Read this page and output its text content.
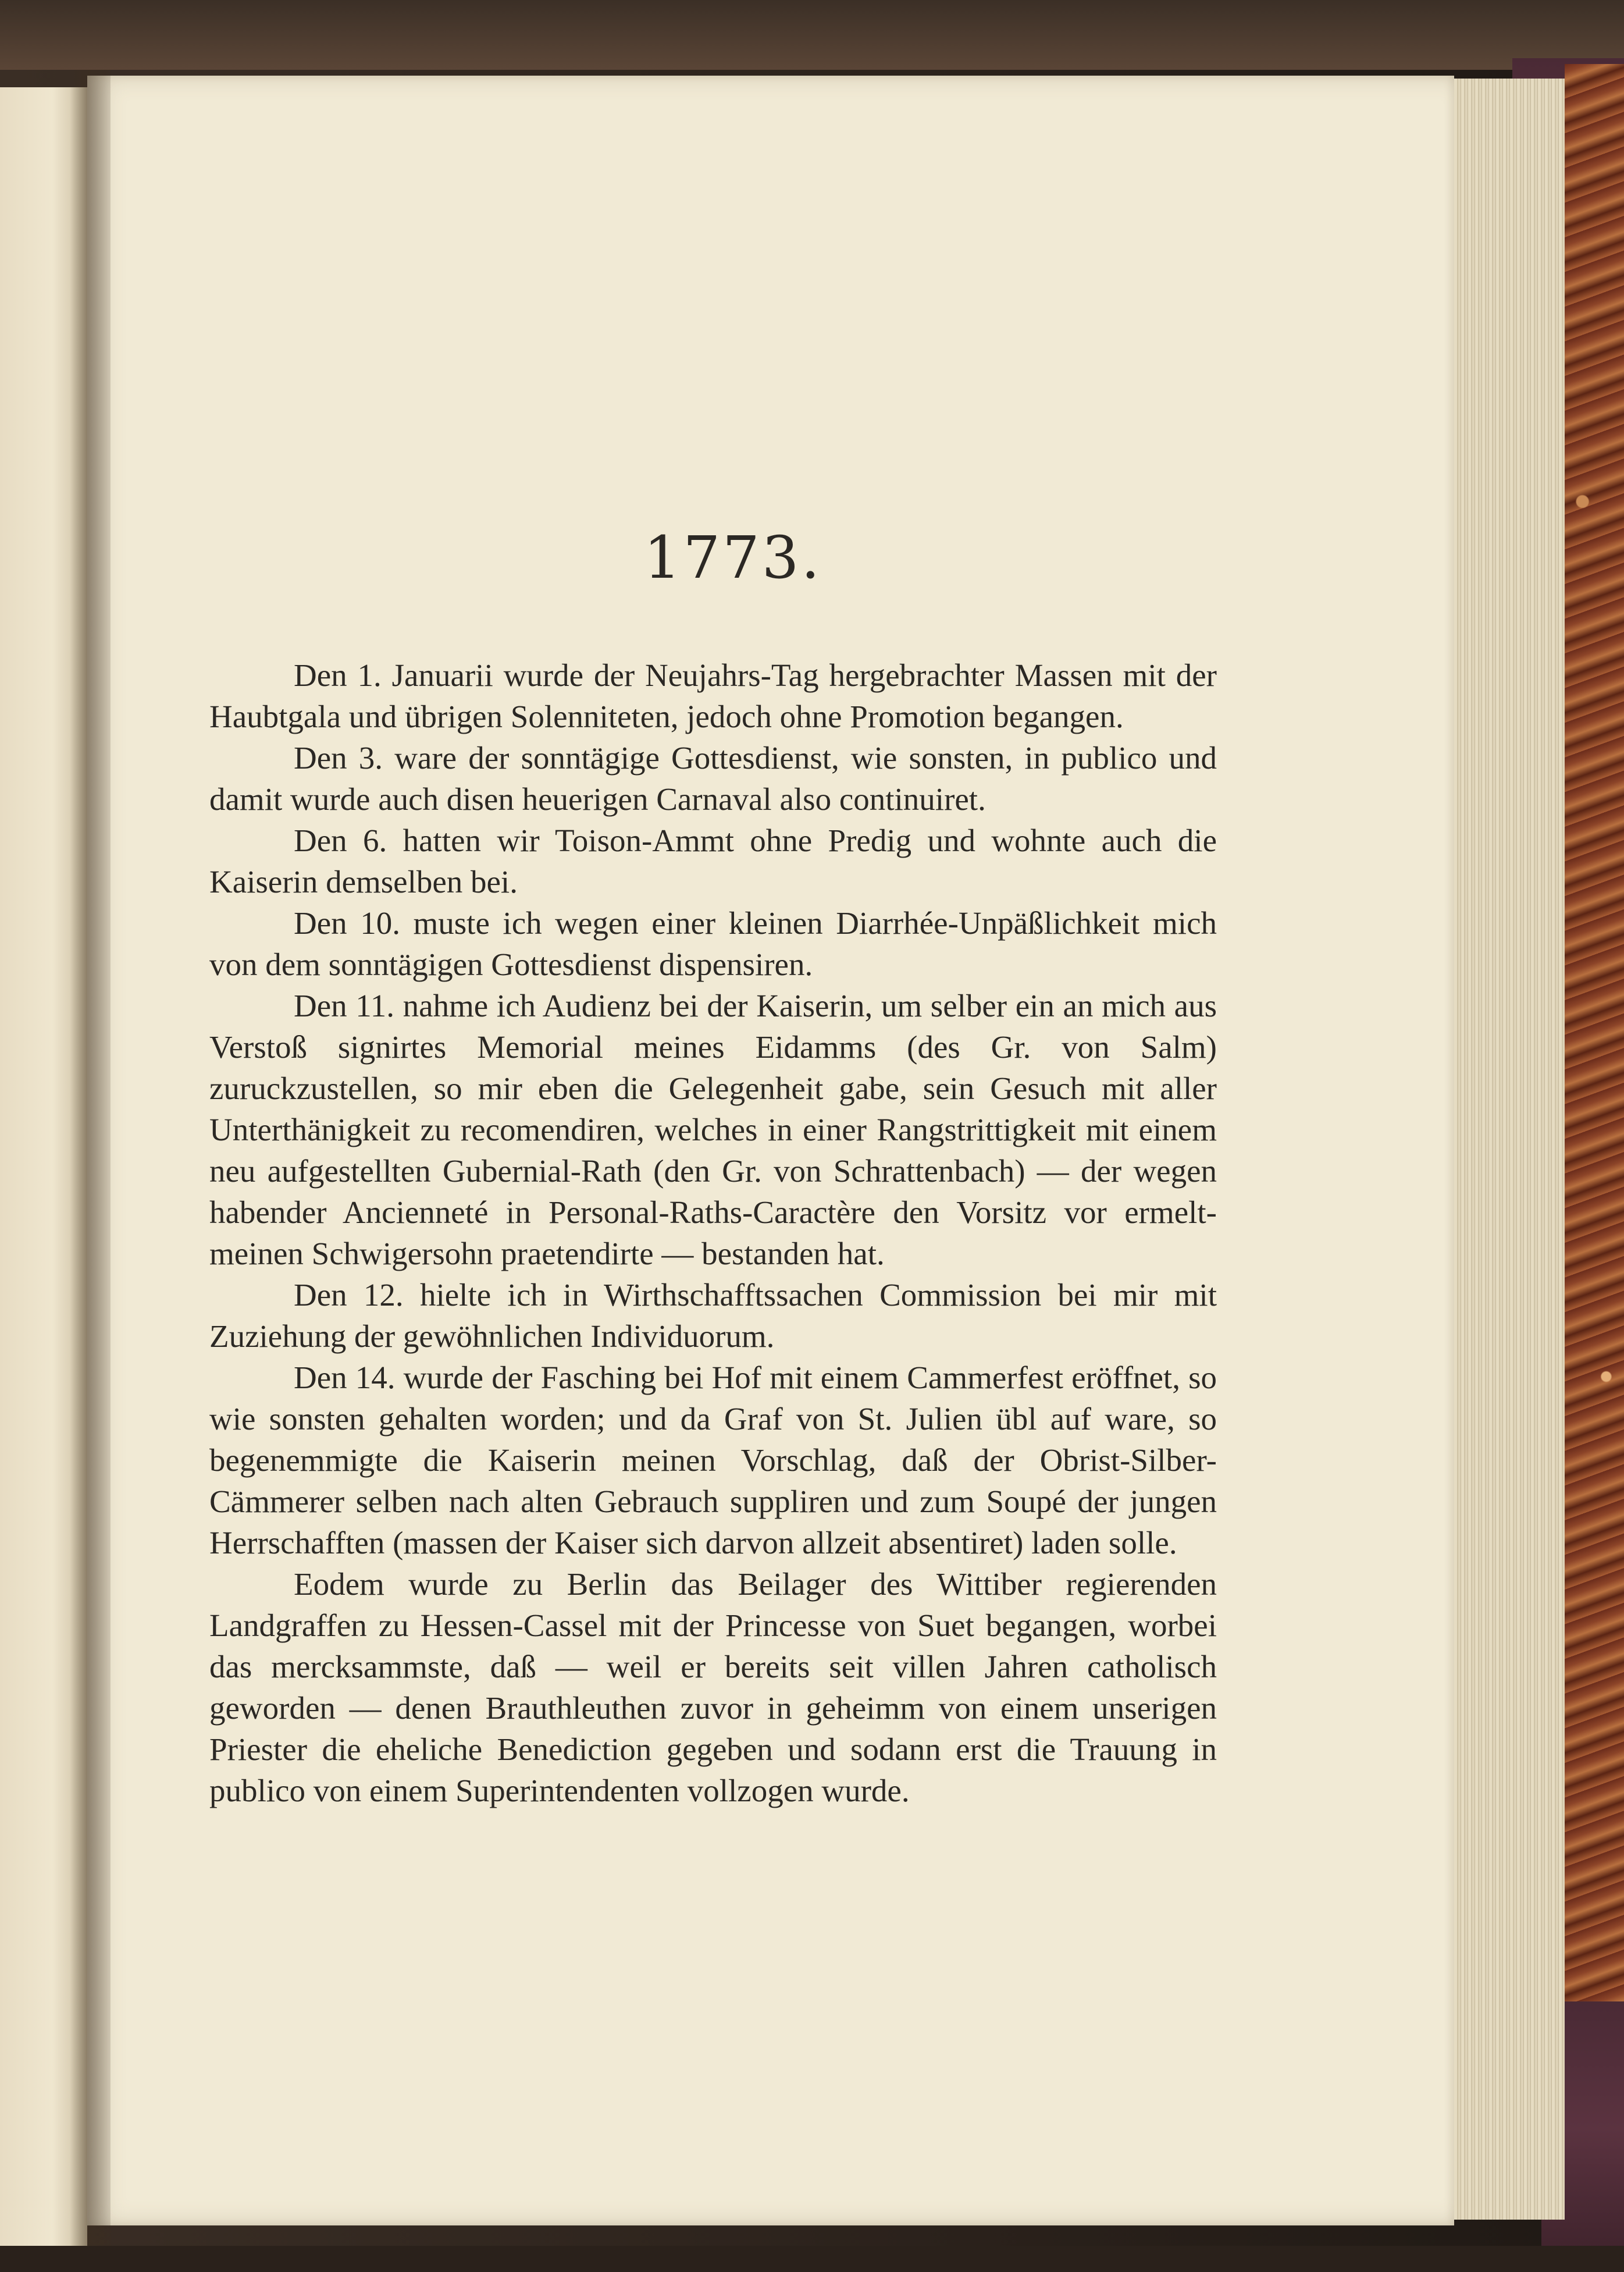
1773.

Den 1. Januarii wurde der Neujahrs-Tag hergebrachter Massen mit der Haubtgala und übrigen Solenniteten, jedoch ohne Promotion begangen.

Den 3. ware der sonntägige Gottesdienst, wie sonsten, in publico und damit wurde auch disen heuerigen Carnaval also continuiret.

Den 6. hatten wir Toison-Ammt ohne Predig und wohnte auch die Kaiserin demselben bei.

Den 10. muste ich wegen einer kleinen Diarrhée-Unpäßlichkeit mich von dem sonntägigen Gottesdienst dispensiren.

Den 11. nahme ich Audienz bei der Kaiserin, um selber ein an mich aus Verstoß signirtes Memorial meines Eidamms (des Gr. von Salm) zuruckzustellen, so mir eben die Gelegenheit gabe, sein Gesuch mit aller Unterthänigkeit zu recomendiren, welches in einer Rangstrittigkeit mit einem neu aufgestellten Gubernial-Rath (den Gr. von Schrattenbach) — der wegen habender Ancienneté in Personal-Raths-Caractère den Vorsitz vor ermelt- meinen Schwigersohn praetendirte — bestanden hat.

Den 12. hielte ich in Wirthschafftssachen Commission bei mir mit Zuziehung der gewöhnlichen Individuorum.

Den 14. wurde der Fasching bei Hof mit einem Cammerfest eröffnet, so wie sonsten gehalten worden; und da Graf von St. Julien übl auf ware, so begenemmigte die Kaiserin meinen Vorschlag, daß der Obrist-Silber-Cämmerer selben nach alten Gebrauch suppliren und zum Soupé der jungen Herrschafften (massen der Kaiser sich darvon allzeit absentiret) laden solle.

Eodem wurde zu Berlin das Beilager des Wittiber regierenden Landgraffen zu Hessen-Cassel mit der Princesse von Suet begangen, worbei das mercksammste, daß — weil er bereits seit villen Jahren catholisch geworden — denen Brauthleuthen zuvor in geheimm von einem unserigen Priester die eheliche Benediction gegeben und sodann erst die Trauung in publico von einem Superintendenten vollzogen wurde.
